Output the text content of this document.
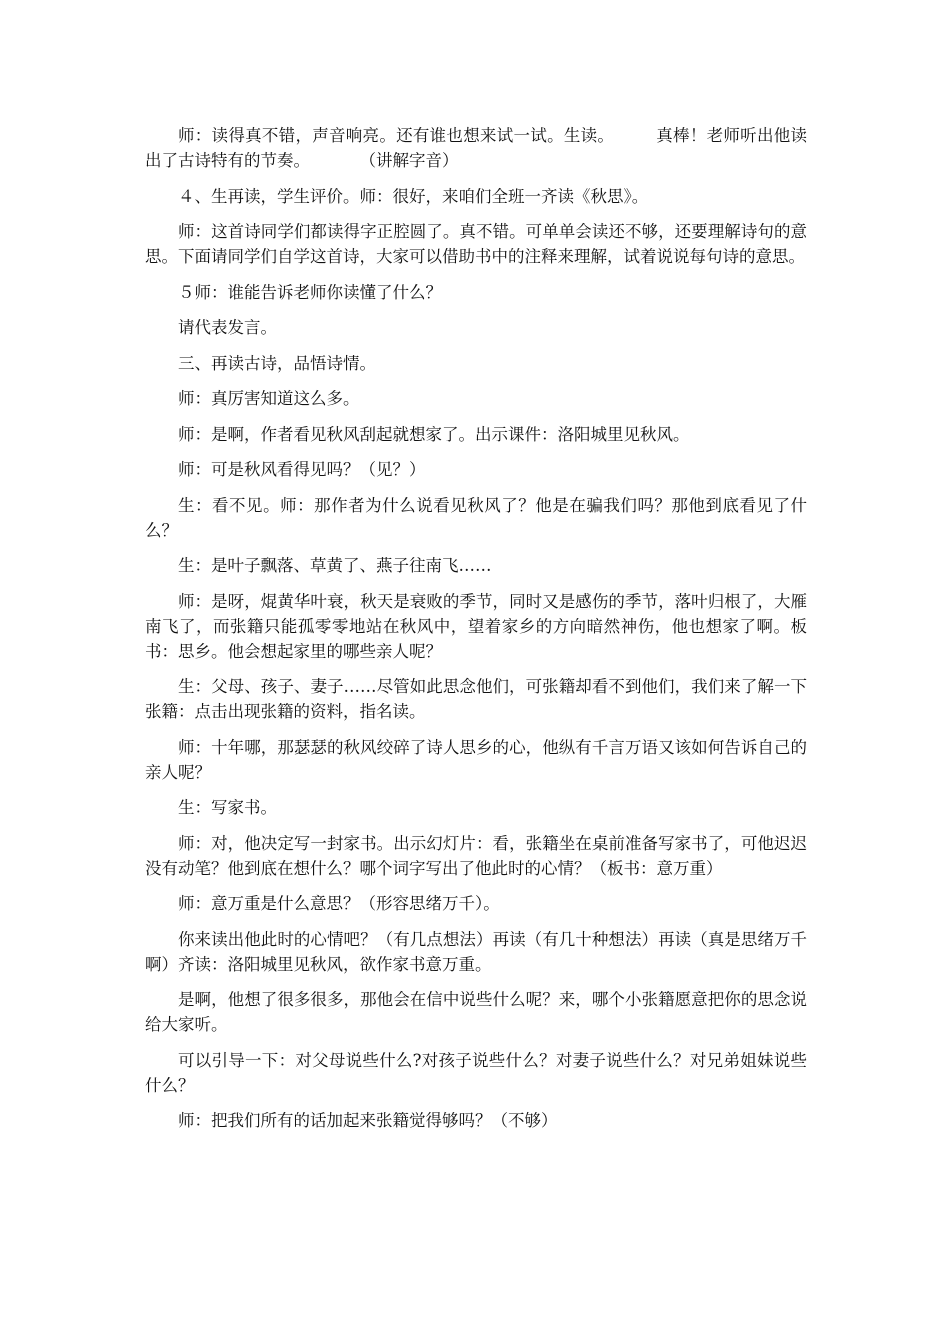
师：读得真不错，声音响亮。还有谁也想来试一试。生读。　　　真棒！老师听出他读出了古诗特有的节奏。　　　　（讲解字音）

４、生再读，学生评价。师：很好，来咱们全班一齐读《秋思》。

师：这首诗同学们都读得字正腔圆了。真不错。可单单会读还不够，还要理解诗句的意思。下面请同学们自学这首诗，大家可以借助书中的注释来理解，试着说说每句诗的意思。

５师：谁能告诉老师你读懂了什么？

请代表发言。

三、再读古诗，品悟诗情。

师：真厉害知道这么多。

师：是啊，作者看见秋风刮起就想家了。出示课件：洛阳城里见秋风。

师：可是秋风看得见吗？（见？）

生：看不见。师：那作者为什么说看见秋风了？他是在骗我们吗？那他到底看见了什么？

生：是叶子飘落、草黄了、燕子往南飞……

师：是呀，焜黄华叶衰，秋天是衰败的季节，同时又是感伤的季节，落叶归根了，大雁南飞了，而张籍只能孤零零地站在秋风中，望着家乡的方向暗然神伤，他也想家了啊。板书：思乡。他会想起家里的哪些亲人呢？

生：父母、孩子、妻子……尽管如此思念他们，可张籍却看不到他们，我们来了解一下张籍：点击出现张籍的资料，指名读。

师：十年哪，那瑟瑟的秋风绞碎了诗人思乡的心，他纵有千言万语又该如何告诉自己的亲人呢？

生：写家书。

师：对，他决定写一封家书。出示幻灯片：看，张籍坐在桌前准备写家书了，可他迟迟没有动笔？他到底在想什么？哪个词字写出了他此时的心情？（板书：意万重）

师：意万重是什么意思？（形容思绪万千）。

你来读出他此时的心情吧？（有几点想法）再读（有几十种想法）再读（真是思绪万千啊）齐读：洛阳城里见秋风，欲作家书意万重。

是啊，他想了很多很多，那他会在信中说些什么呢？来，哪个小张籍愿意把你的思念说给大家听。

可以引导一下：对父母说些什么?对孩子说些什么？对妻子说些什么？对兄弟姐妹说些什么？

师：把我们所有的话加起来张籍觉得够吗？（不够）
